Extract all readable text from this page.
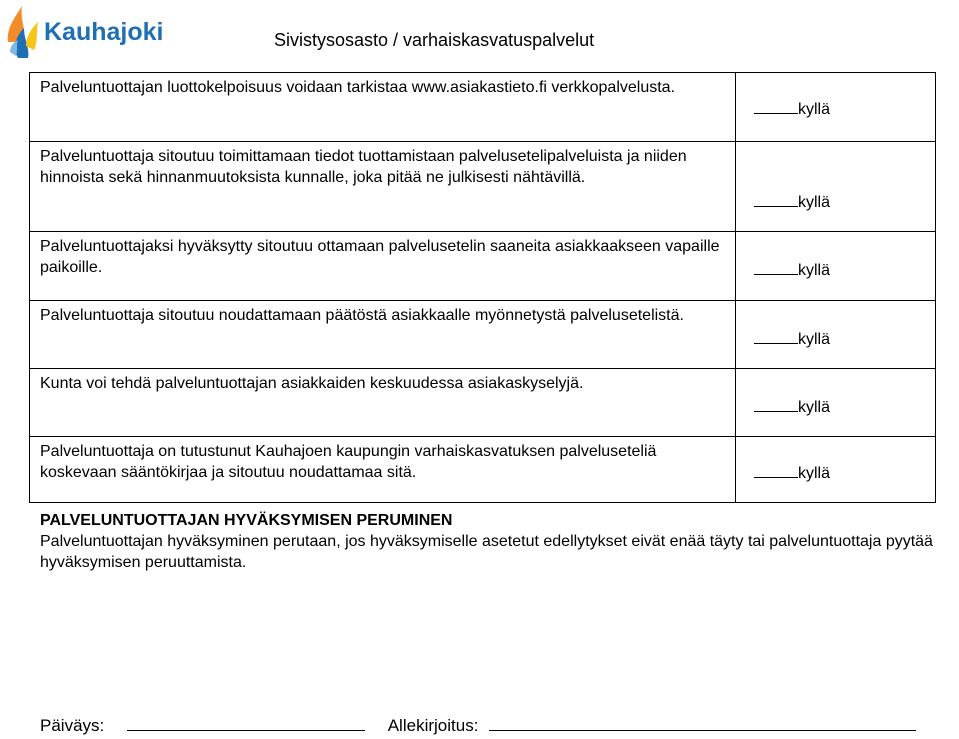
Kauhajoki	Sivistysosasto / varhaiskasvatuspalvelut
Palveluntuottajan luottokelpoisuus voidaan tarkistaa www.asiakastieto.fi verkkopalvelusta.	kyllä

Palveluntuottaja sitoutuu toimittamaan tiedot tuottamistaan palvelusetelipalveluista ja niiden hinnoista sekä hinnanmuutoksista kunnalle, joka pitää ne julkisesti nähtävillä.	kyllä

Palveluntuottajaksi hyväksytty sitoutuu ottamaan palvelusetelin saaneita asiakkaakseen vapaille paikoille.	kyllä

Palveluntuottaja sitoutuu noudattamaan päätöstä asiakkaalle myönnetystä palvelusetelistä.	kyllä

Kunta voi tehdä palveluntuottajan asiakkaiden keskuudessa asiakaskyselyjä.	kyllä

Palveluntuottaja on tutustunut Kauhajoen kaupungin varhaiskasvatuksen palveluseteliä koskevaan sääntökirjaa ja sitoutuu noudattamaa sitä.	kyllä
PALVELUNTUOTTAJAN HYVÄKSYMISEN PERUMINEN
Palveluntuottajan hyväksyminen perutaan, jos hyväksymiselle asetetut edellytykset eivät enää täyty tai palveluntuottaja pyytää hyväksymisen peruuttamista.
Päiväys:	Allekirjoitus:
